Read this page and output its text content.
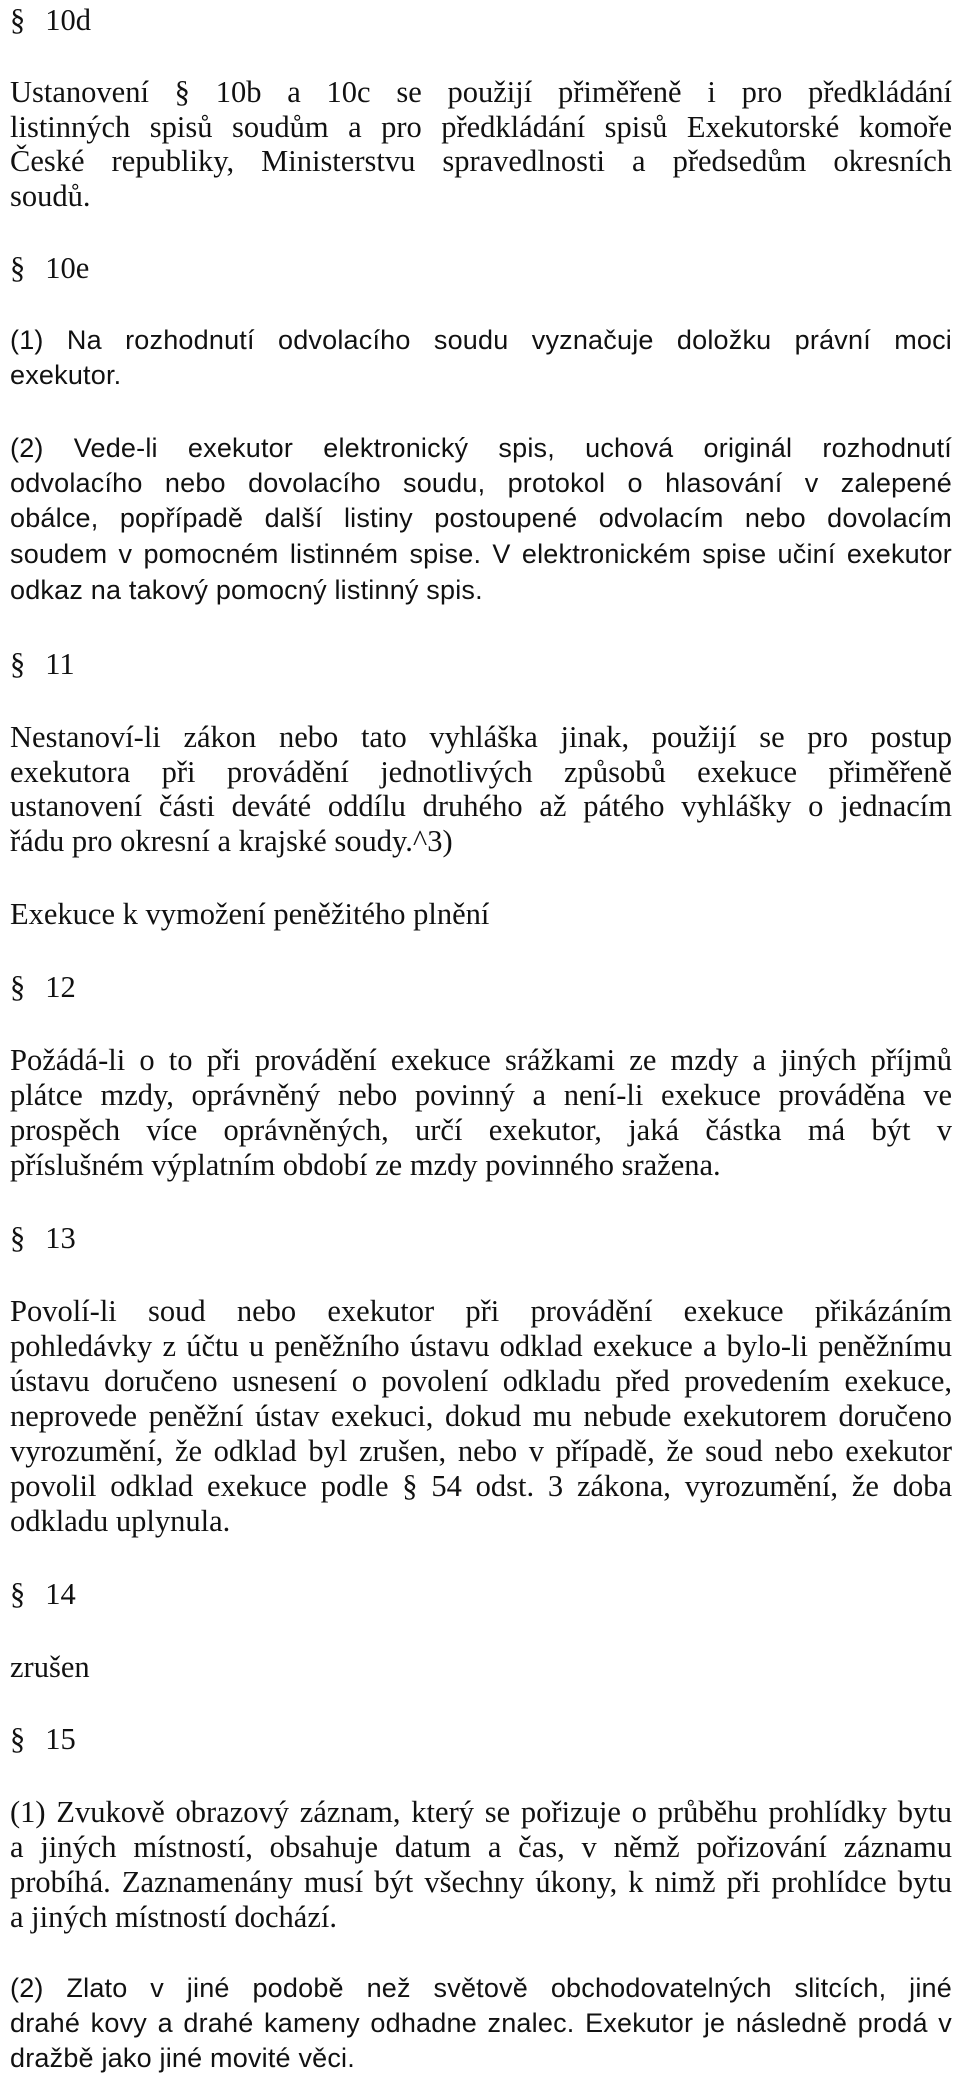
§ 10d
Ustanovení § 10b a 10c se použijí přiměřeně i pro předkládání
listinných spisů soudům a pro předkládání spisů Exekutorské komoře
České republiky, Ministerstvu spravedlnosti a předsedům okresních
soudů.
§ 10e
(1) Na rozhodnutí odvolacího soudu vyznačuje doložku právní moci
exekutor.
(2) Vede-li exekutor elektronický spis, uchová originál rozhodnutí
odvolacího nebo dovolacího soudu, protokol o hlasování v zalepené
obálce, popřípadě další listiny postoupené odvolacím nebo dovolacím
soudem v pomocném listinném spise. V elektronickém spise učiní exekutor
odkaz na takový pomocný listinný spis.
§ 11
Nestanoví-li zákon nebo tato vyhláška jinak, použijí se pro postup
exekutora při provádění jednotlivých způsobů exekuce přiměřeně
ustanovení části deváté oddílu druhého až pátého vyhlášky o jednacím
řádu pro okresní a krajské soudy.^3)
Exekuce k vymožení peněžitého plnění
§ 12
Požádá-li o to při provádění exekuce srážkami ze mzdy a jiných příjmů
plátce mzdy, oprávněný nebo povinný a není-li exekuce prováděna ve
prospěch více oprávněných, určí exekutor, jaká částka má být v
příslušném výplatním období ze mzdy povinného sražena.
§ 13
Povolí-li soud nebo exekutor při provádění exekuce přikázáním
pohledávky z účtu u peněžního ústavu odklad exekuce a bylo-li peněžnímu
ústavu doručeno usnesení o povolení odkladu před provedením exekuce,
neprovede peněžní ústav exekuci, dokud mu nebude exekutorem doručeno
vyrozumění, že odklad byl zrušen, nebo v případě, že soud nebo exekutor
povolil odklad exekuce podle § 54 odst. 3 zákona, vyrozumění, že doba
odkladu uplynula.
§ 14
zrušen
§ 15
(1) Zvukově obrazový záznam, který se pořizuje o průběhu prohlídky bytu
a jiných místností, obsahuje datum a čas, v němž pořizování záznamu
probíhá. Zaznamenány musí být všechny úkony, k nimž při prohlídce bytu
a jiných místností dochází.
(2) Zlato v jiné podobě než světově obchodovatelných slitcích, jiné
drahé kovy a drahé kameny odhadne znalec. Exekutor je následně prodá v
dražbě jako jiné movité věci.
